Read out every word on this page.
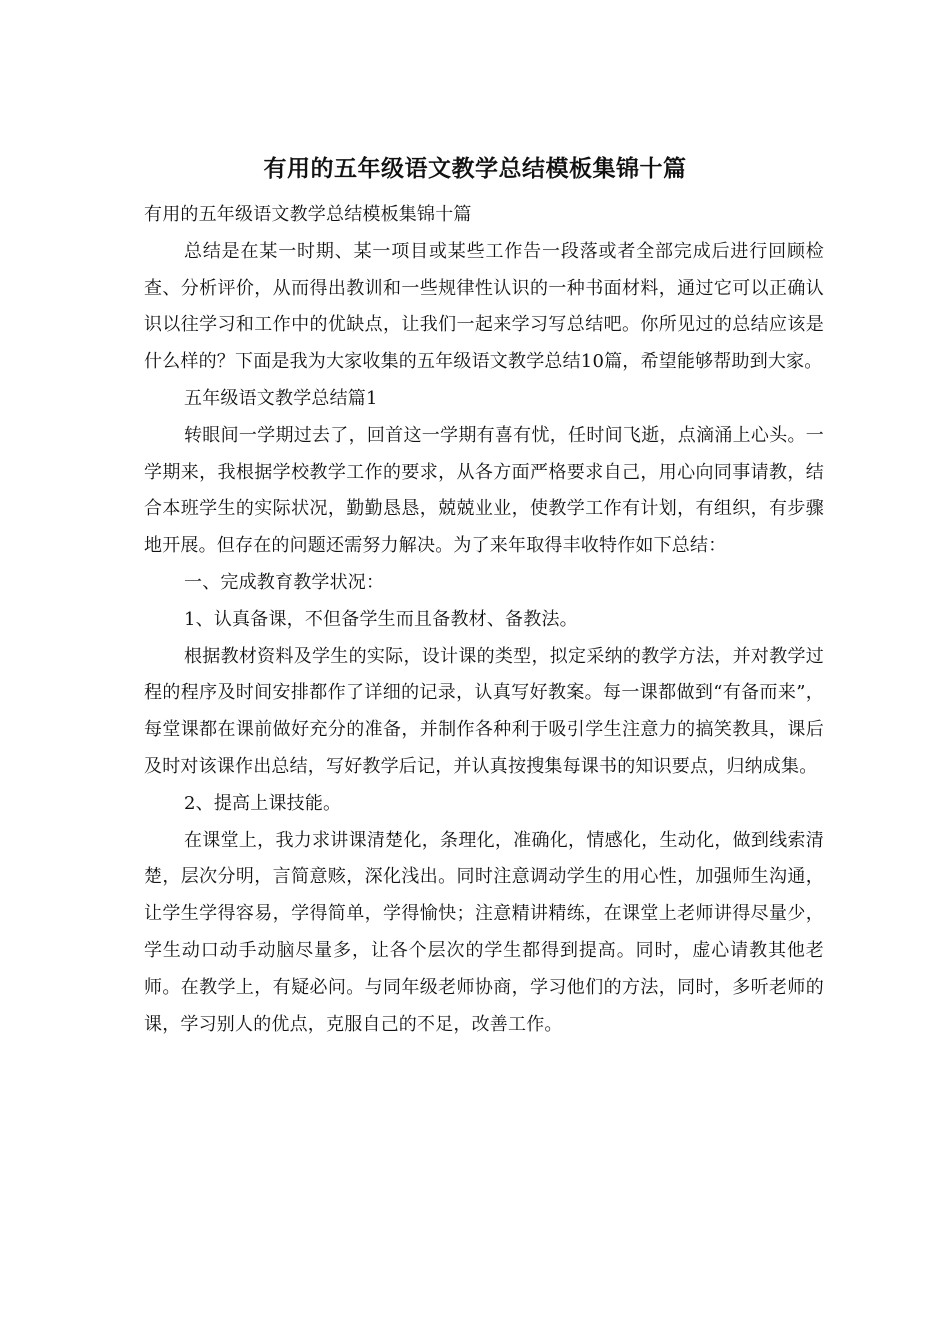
有用的五年级语文教学总结模板集锦十篇

有用的五年级语文教学总结模板集锦十篇

总结是在某一时期、某一项目或某些工作告一段落或者全部完成后进行回顾检查、分析评价，从而得出教训和一些规律性认识的一种书面材料，通过它可以正确认识以往学习和工作中的优缺点，让我们一起来学习写总结吧。你所见过的总结应该是什么样的？下面是我为大家收集的五年级语文教学总结10篇，希望能够帮助到大家。

五年级语文教学总结篇1

转眼间一学期过去了，回首这一学期有喜有忧，任时间飞逝，点滴涌上心头。一学期来，我根据学校教学工作的要求，从各方面严格要求自己，用心向同事请教，结合本班学生的实际状况，勤勤恳恳，兢兢业业，使教学工作有计划，有组织，有步骤地开展。但存在的问题还需努力解决。为了来年取得丰收特作如下总结：

一、完成教育教学状况：

1、认真备课，不但备学生而且备教材、备教法。

根据教材资料及学生的实际，设计课的类型，拟定采纳的教学方法，并对教学过程的程序及时间安排都作了详细的记录，认真写好教案。每一课都做到“有备而来”，每堂课都在课前做好充分的准备，并制作各种利于吸引学生注意力的搞笑教具，课后及时对该课作出总结，写好教学后记，并认真按搜集每课书的知识要点，归纳成集。

2、提高上课技能。

在课堂上，我力求讲课清楚化，条理化，准确化，情感化，生动化，做到线索清楚，层次分明，言简意赅，深化浅出。同时注意调动学生的用心性，加强师生沟通，让学生学得容易，学得简单，学得愉快；注意精讲精练，在课堂上老师讲得尽量少，学生动口动手动脑尽量多，让各个层次的学生都得到提高。同时，虚心请教其他老师。在教学上，有疑必问。与同年级老师协商，学习他们的方法，同时，多听老师的课，学习别人的优点，克服自己的不足，改善工作。
